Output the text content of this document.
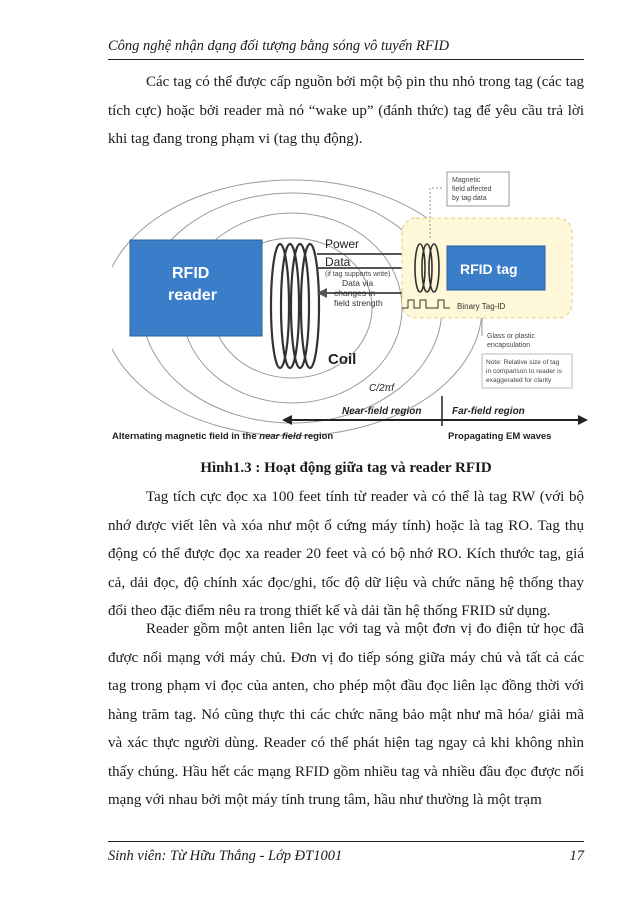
Công nghệ nhận dạng đối tượng bằng sóng vô tuyến RFID

Các tag có thể được cấp nguồn bởi một bộ pin thu nhỏ trong tag (các tag tích cực) hoặc bởi reader mà nó “wake up” (đánh thức) tag để yêu cầu trả lời khi tag đang trong phạm vi (tag thụ động).

RFID
reader
Power
Data
(if tag supports write)
Data via
changes in
field strength
RFID tag
Binary Tag-ID
Magnetic
field affected
by tag data
Glass or plastic
encapsulation
Note: Relative size of tag
in comparison to reader is
exaggerated for clarity
Coil
C/2πf
Near-field region	Far-field region
Alternating magnetic field in the near field region	Propagating EM waves
Hình1.3 : Hoạt động giữa tag và reader RFID

Tag tích cực đọc xa 100 feet tính từ reader và có thể là tag RW (với bộ nhớ được viết lên và xóa như một ổ cứng máy tính) hoặc là tag RO. Tag thụ động có thể được đọc xa reader 20 feet và có bộ nhớ RO. Kích thước tag, giá cả, dải đọc, độ chính xác đọc/ghi, tốc độ dữ liệu và chức năng hệ thống thay đổi theo đặc điểm nêu ra trong thiết kế và dải tần hệ thống FRID sử dụng.

Reader gồm một anten liên lạc với tag và một đơn vị đo điện tử học đã được nối mạng với máy chủ. Đơn vị đo tiếp sóng giữa máy chủ và tất cả các tag trong phạm vi đọc của anten, cho phép một đầu đọc liên lạc đồng thời với hàng trăm tag. Nó cũng thực thi các chức năng bảo mật như mã hóa/ giải mã và xác thực người dùng. Reader có thể phát hiện tag ngay cả khi không nhìn thấy chúng. Hầu hết các mạng RFID gồm nhiều tag và nhiều đầu đọc được nối mạng với nhau bởi một máy tính trung tâm, hầu như thường là một trạm

Sinh viên: Từ Hữu Thắng - Lớp ĐT1001	17
